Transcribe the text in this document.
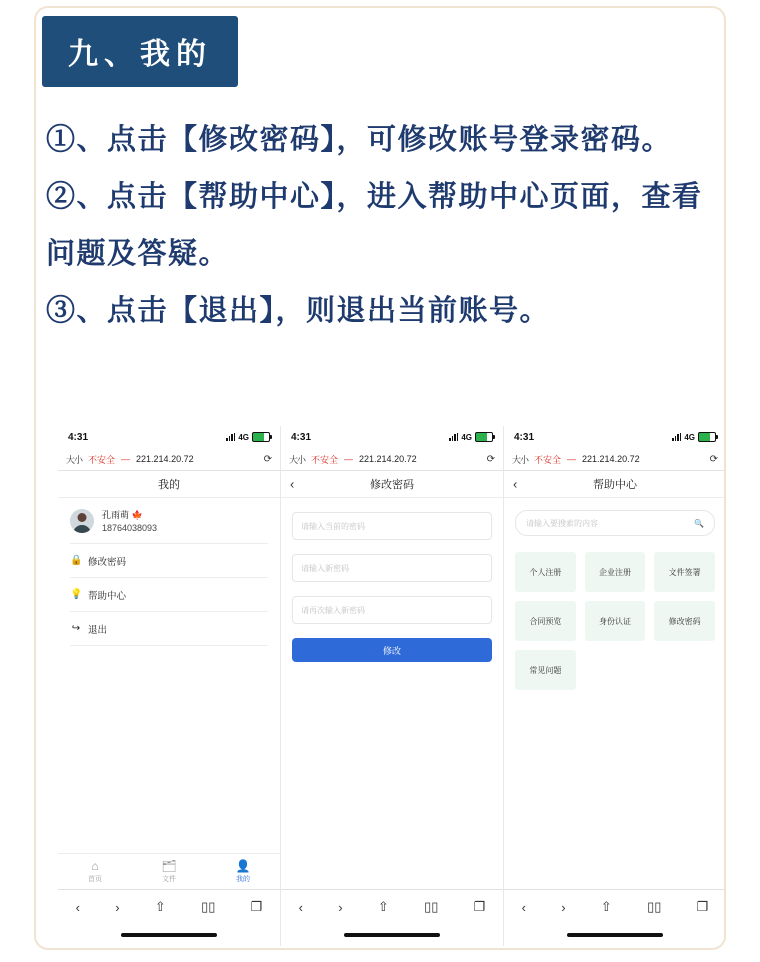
九、我的

①、点击【修改密码】，可修改账号登录密码。

②、点击【帮助中心】，进入帮助中心页面，查看问题及答疑。

③、点击【退出】，则退出当前账号。

4:31	4G
大小 不安全 — 221.214.20.72	⟳
我的
孔雨萌 🍁
18764038093
🔒 修改密码
💡 帮助中心
↪ 退出
⌂
首页
🗂
文件
👤
我的
‹	›	⇧	▯▯	❐
4:31	4G
大小 不安全 — 221.214.20.72	⟳
‹	修改密码
请输入当前的密码
请输入新密码
请再次输入新密码
修改
‹	›	⇧	▯▯	❐
4:31	4G
大小 不安全 — 221.214.20.72	⟳
‹	帮助中心
请输入要搜索的内容	🔍
个人注册	企业注册	文件签署
合同预览	身份认证	修改密码
常见问题
‹	›	⇧	▯▯	❐
